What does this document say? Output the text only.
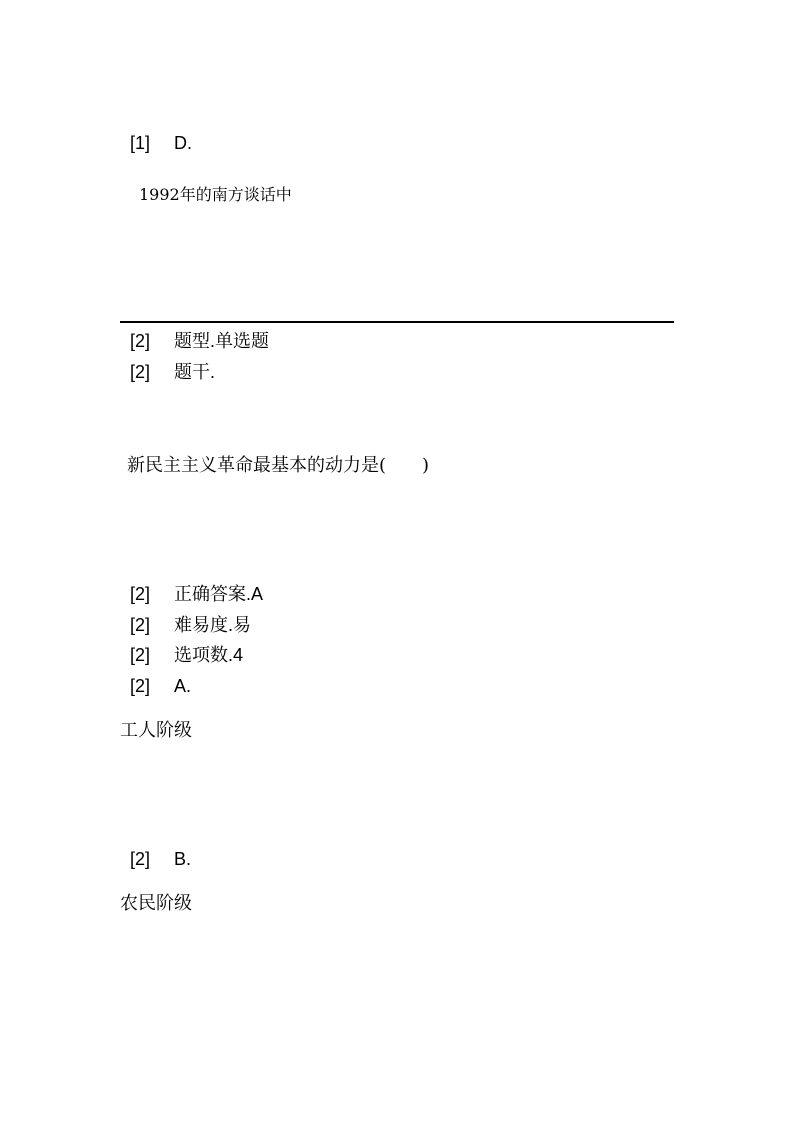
[1] D.
1992年的南方谈话中
[2] 题型.单选题
[2] 题干.
新民主主义革命最基本的动力是(　　)
[2] 正确答案.A
[2] 难易度.易
[2] 选项数.4
[2] A.
工人阶级
[2] B.
农民阶级
